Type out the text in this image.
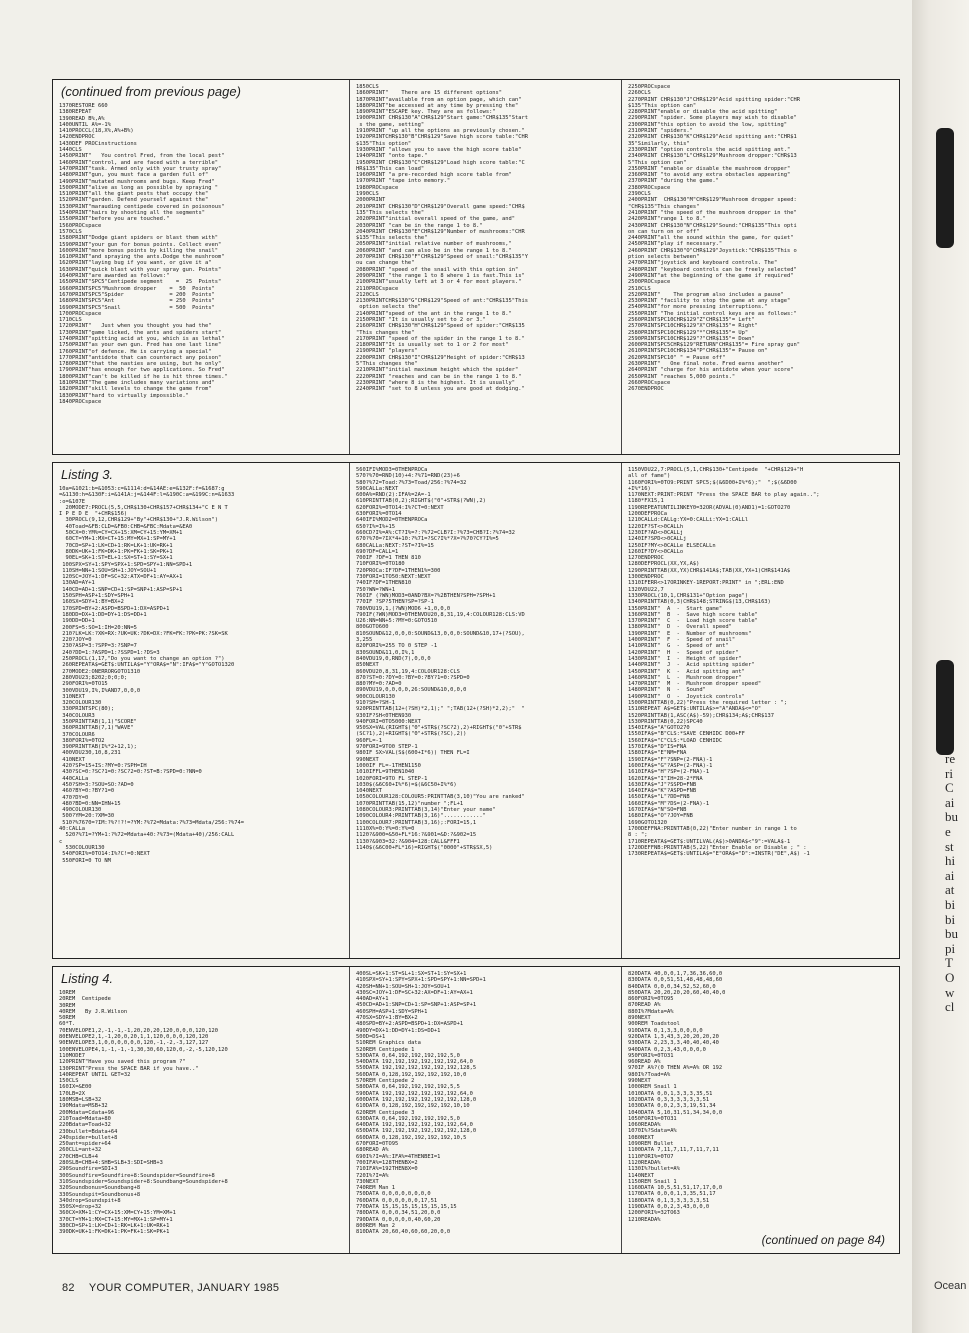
re
ri
C
ai
bu
e
st
hi
ai
at
bi
bi
bu
pi
T
O
w
cl
Ocean
(continued from previous page)
1370RESTORE 660
1380REPEAT
1390READ B%,A%
1400UNTIL A%=-1%
1410PROCCL(18,X%,A%+B%)
1420ENDPROC
1430DEF PROCinstructions
1440CLS
1450PRINT"   You control Fred, from the local pest"
1460PRINT"control, and are faced with a terrible"
1470PRINT"task. Armed only with your trusty spray"
1480PRINT"gun, you must face a garden full of"
1490PRINT"mutated mushrooms and bugs. Keep Fred"
1500PRINT"alive as long as possible by spraying "
1510PRINT"all the giant pests that occupy the"
1520PRINT"garden. Defend yourself against the"
1530PRINT"marauding centipede covered in poisonous"
1540PRINT"hairs by shooting all the segments"
1550PRINT"before you are touched."
1560PROCspace
1570CLS
1580PRINT"Dodge giant spiders or blast them with"
1590PRINT"your gun for bonus points. Collect even"
1600PRINT"more bonus points by killing the snail"
1610PRINT"and spraying the ants.Dodge the mushroom"
1620PRINT"laying bug if you want, or give it a"
1630PRINT"quick blast with your spray gun. Points"
1640PRINT"are awarded as follows:"
1650PRINT"SPC5"Centipede segment    =  25  Points"
1660PRINTSPC5"Mushroom dropper    =  50  Points"
1670PRINTSPC5"Spider              = 200  Points"
1680PRINTSPC5"Ant                 = 250  Points"
1690PRINTSPC5"Snail               = 500  Points"
1700PROCspace
1710CLS
1720PRINT"   Just when you thought you had the"
1730PRINT"game licked, the ants and spiders start"
1740PRINT"spitting acid at you, which is as lethal"
1750PRINT"as your own gun. Fred has one last line"
1760PRINT"of defence. He is carrying a special"
1770PRINT"antidote that can counteract any poison"
1780PRINT"that the nasties are using, but he only"
1790PRINT"has enough for two applications. So Fred"
1800PRINT"can't be killed if he is hit three times."
1810PRINT"The game includes many variations and"
1820PRINT"skill levels to change the game from"
1830PRINT"hard to virtually impossible."
1840PROCspace
1850CLS
1860PRINT"    There are 15 different options"
1870PRINT"available from an option page, which can"
1880PRINT"be accessed at any time by pressing the"
1890PRINT"ESCAPE key. They are as follows:"
1900PRINT CHR$130"A"CHR$129"Start game:"CHR$135"Start
s the game, setting"
1910PRINT "up all the options as previously chosen."
1920PRINTCHR$130"B"CHR$129"Save high score table:"CHR
$135"This option"
1930PRINT "allows you to save the high score table"
1940PRINT "onto tape."
1950PRINT CHR$130"C"CHR$129"Load high score table:"C
HR$135"This can load"
1960PRINT "a pre-recorded high score table from"
1970PRINT "tape into memory."
1980PROCspace
1990CLS
2000PRINT
2010PRINT CHR$130"D"CHR$129"Overall game speed:"CHR$
135"This selects the"
2020PRINT"initial overall speed of the game, and"
2030PRINT "can be in the range 1 to 8."
2040PRINT CHR$130"E"CHR$129"Number of mushrooms:"CHR
$135"This selects the"
2050PRINT"initial relative number of mushrooms,"
2060PRINT "and can also be in the range 1 to 8."
2070PRINT CHR$130"F"CHR$129"Speed of snail:"CHR$135"Y
ou can change the"
2080PRINT "speed of the snail with this option in"
2090PRINT "the range 1 to 8 where 1 is fast.This is"
2100PRINT"usually left at 3 or 4 for most players."
2110PROCspace
2120CLS
2130PRINTCHR$130"G"CHR$129"Speed of ant:"CHR$135"This
option selects the"
2140PRINT"speed of the ant in the range 1 to 8."
2150PRINT "It is usually set to 2 or 3."
2160PRINT CHR$130"H"CHR$129"Speed of spider:"CHR$135
"This changes the"
2170PRINT "speed of the spider in the range 1 to 8."
2180PRINT"It is usually set to 1 or 2 for most"
2190PRINT "players"
2200PRINT CHR$130"I"CHR$129"Height of spider:"CHR$13
5"This changes the"
2210PRINT"initial maximum height which the spider"
2220PRINT "reaches and can be in the range 1 to 8."
2230PRINT "where 8 is the highest. It is usually"
2240PRINT "set to 8 unless you are good at dodging."
2250PROCspace
2260CLS
2270PRINT CHR$130"J"CHR$129"Acid spitting spider:"CHR
$135"This option can"
2280PRINT"enable or disable the acid spitting"
2290PRINT "spider. Some players may wish to disable"
2300PRINT"this option to avoid the low, spitting"
2310PRINT "spiders."
2320PRINT CHR$130"K"CHR$129"Acid spitting ant:"CHR$1
35"Similarly, this"
2330PRINT "option controls the acid spitting ant."
2340PRINT CHR$130"L"CHR$129"Mushroom dropper:"CHR$13
5"This option can"
2350PRINT "enable or disable the mushroom dropper"
2360PRINT "to avoid any extra obstacles appearing"
2370PRINT "during the game."
2380PROCspace
2390CLS
2400PRINT  CHR$130"M"CHR$129"Mushroom dropper speed:
"CHR$135"This changes"
2410PRINT "the speed of the mushroom dropper in the"
2420PRINT"range 1 to 8."
2430PRINT CHR$130"N"CHR$129"Sound:"CHR$135"This opti
on can turn on or off"
2440PRINT"all the sound within the game, for quiet"
2450PRINT"play if necessary."
2460PRINT CHR$130"O"CHR$129"Joystick:"CHR$135"This o
ption selects between"
2470PRINT"joystick and keyboard controls. The"
2480PRINT "keyboard controls can be freely selected"
2490PRINT"at the beginning of the game if required"
2500PROCspace
2510CLS
2520PRINT"    The program also includes a pause"
2530PRINT "facility to stop the game at any stage"
2540PRINT"for more pressing interruptions."
2550PRINT "The initial control keys are as follows:"
2560PRINTSPC10CHR$129"Z"CHR$135"= Left"
2570PRINTSPC10CHR$129"X"CHR$135"= Right"
2580PRINTSPC10CHR$129"*"CHR$135"= Up"
2590PRINTSPC10CHR$129"?"CHR$135"= Down"
2600PRINTSPC5CHR$129"RETURN"CHR$135"= Fire spray gun"
2610PRINTSPC10CHR$134"P"CHR$135"= Pause on"
2620PRINTSPC10" " = Pause off"
2630PRINT"   One final note. Fred earns another"
2640PRINT "charge for his antidote when your score"
2650PRINT "reaches 5,000 points."
2660PROCspace
2670ENDPROC
Listing 3.
10a=&1021:b=&1053:c=&1114:d=&14AE:e=&132F:f=&1687:g
=&1130:h=&130F:i=&141A:j=&144F:l=&190C:a=&199C:n=&1633
:o=&107E
20MODE7:PROCL(5,5,CHR$130+CHR$157+CHR$134+"C E N T
I P E D E  "+CHR$156)
30PROCL(9,12,CHR$129+"By"+CHR$130+"J.R.Wilson")
40Toad=&FB:CLD=&FB0:CHB=&FBC:Mdata=&EA0
50CX=0:YM%=CY=CX+15:XM=CY+15:YM=XM+1
60CT=YM+1:MX=CT+15:MY=MX+1:SP=MY+1
70CD=SP+1:LK=CD+1:RK=LK+1:UK=RK+1
80DK=UK+1:FK=DK+1:PK=FK+1:SK=PK+1
90EL=SK+1:ST=EL+1:SX=ST+1:SY=SX+1
100SPX=SY+1:SPY=SPX+1:SPD=SPY+1:NN=SPD+1
110SH=NN+1:SOU=SH+1:JOY=SOU+1
120SC=JOY+1:DF=SC+32:ATX=DF+1:AY=AX+1
130AD=AY+1
140CD=AD+1:SNP=CD+1:SP=SNP+1:ASP=SP+1
150SPH=ASP+1:SDY=SPH+1
160SX=SDY+1:BY=BX+2
170SPD=BY+2:ASPD=BSPD+1:DX=ASPD+1
180DD=DX+1:DD=DY+1:DS=DD+1
190DD=DD+1
200FS=5:SO=1:IH=20:NN=5
210?LK=LK:?XK=RX:?UK=UK:?DK=DX:?FK=FK:?PK=PK:?SK=SK
220?JOY=0
230?ASP=3:?SPP=3:?SNP=7
240?DD=1:?ASPD=1:?SSPD=1:?DS=3
250PROCL(1,17,"Do you want to change an option ?")
260REPEATA$=GET$:UNTILA$="Y"ORA$="N":IFA$="Y"GOTO1320
270MODE2:ONERRORGOTO1310
280VDU23;8202;0;0;0;
290FORI%=0TO15
300VDU19,I%,I%AND7,0,0,0
310NEXT
320COLOUR130
330PRINTSPC(80);
340COLOUR3
350PRINTTAB(1,1)"SCORE"
360PRINTTAB(7,1)"WAVE"
370COLOUR6
380FORI%=0TO2
390PRINTTAB(I%*2+12,1);
400VDU230,10,8,231
410NEXT
420?SP=15+IS:?MY=0:?SPH=IH
430?SC=0:?SC?1=0:?SC?2=0:?ST=B:?SPD=0:?NN=0
440CALLa
450?SH=3:?SOU=SO:?AD=0
460?BY=0:?BY?1=0
470?DY=0
480?BD=0:NN=IHN+15
490COLOUR130
500?YM=20:?XM=30
510?%7670=?IM:?%?!?!=?YM:?%72=Mdata:?%73=Mdata/256:?%74=
40:CALLa
520?%71=?YM+1:?%72=Mdata+40:?%73=(Mdata+40)/256:CALL
c
530COLOUR130
540FORI%=0TO14:I%?C!=0:NEXT
550FORI=0 TO NM
560IFI%MOD3=0THENPROCa
570?%70=RND(10)+4:?%71=RND(23)+6
580?%72=Toad:?%73=Toad/256:?%74=32
590CALLa:NEXT
600A%=RND(2):IFA%=2A=-1
610PRINTTAB(0,2);RIGHT$("0"+STR$(?WN),2)
620FORI%=0TO14:I%?CT=0:NEXT
630FORI%=0TO14
640IFI%MOD2=0THENPROCa
650?I%=I%+15
660CD?I%=A%:CT?I%=?:?%72=CLB?I:?%73=CHB?I:?%74=32
670?%70=?IX*4+10:?%71=?SC?I%*?X=?%70?CY?I%=5
680CALLa:NEXT:?ST=?I%=15
690?DF=CALL=1
700IF ?DF=1 THEN 810
710FORI%=0TO180
720PROCa:IF?DF=1THEN1%=300
730FORI=1TO50:NEXT:NEXT
740IF?DF=1THEN810
750?WN=?WN+1
760IF (?WN)MOD3=0AND?BX=?%2BTHEN?SPH=?SPH+1
770IF ?SP?5THEN?SP=?SP-1
780VDU19,1,(?WN)MOD6 +1,0,0,0
790IF(?WN)MOD3=0THENVDU20,8,31,19,4:COLOUR128:CLS:VD
U26:NN=NN+5:?MY=0:GOTO510
800GOTO600
810SOUND&12,0,0,0:SOUND&13,0,0,0:SOUND&10,17+(?SOU),
3,255
820FORI%=255 TO 0 STEP -1
830SOUND&11,0,I%,1
840VDU19,0,RND(7),0,0,0
850NEXT
860VDU20,8,31,19,4:COLOUR128:CLS
870?ST=0:?DY=0:?BY=0:?BY?1=0:?SPD=0
880?MY=0:?AD=0
890VDU19,0,0,0,0,26:SOUND&10,0,0,0
900COLOUR130
910?SH=?SH-1
920PRINTTAB(12+(?SH)*2,1);" ";TAB(12+(?SH)*2,2);"  "
930IF?SH<0THEN930
940FORI=0TO5000:NEXT
950SX=VAL(RIGHT$("0"+STR$(?SC?2),2)+RIGHT$("0"+STR$
(SC?1),2)+RIGHT$("0"+STR$(?SC),2))
960FL=-1
970FORI=9TO0 STEP-1
980IF SX>VAL(S$(600+I*6)) THEN FL=I
990NEXT
1000IF FL=-1THEN1150
1010IFFL=9THEN1040
1020FORI=9TO FL STEP-1
1030$(&6C60+I%*6)=$(&6C50+I%*6)
1040NEXT
1050COLOUR128:COLOUR5:PRINTTAB(3,10)"You are ranked"
1070PRINTTAB(15,12)"number ";FL+1
1080COLOUR3:PRINTTAB(3,14)"Enter your name"
1090COLOUR4:PRINTTAB(3,16)"............"
1100COLOUR7:PRINTTAB(3,16);:FORI=15,1
1110X%=0:Y%=0:Y%=0
1120?&900=&50+FL*16:?&901=&D:?&902=15
1130?&903=32:?&904=128:CALL&FFF1
1140$(&6C00+FL*16)=RIGHT$("0000"+STR$SX,5)
1150VDU22,7:PROCL(5,1,CHR$130+"Centipede  "+CHR$129+"H
all of fame")
1160FORI%=0TO9:PRINT SPC5;$(&6D00+I%*6);"  ";$(&6D00
+I%*16)
1170NEXT:PRINT:PRINT "Press the SPACE BAR to play again..";
1180*FX15,1
1190REPEATUNTILINKEY0=32OR(ADVAL(0)AND1)=1:GOTO270
1200DEFPROCa
1210CALLd:CALLg:YX=0:CALLi:YX=1:CALLl
1220IF?ST<>0CALLh
1230IF?AD<>0CALLj
1240IF?SPD<>0CALLj
1250IF?MY<>0CALLe ELSECALLn
1260IF?DY<>0CALLo
1270ENDPROC
1280DEFPROCL(XX,YX,A$)
1290PRINTTAB(XX,YX)CHR$141A$;TAB(XX,YX+1)CHR$141A$
1300ENDPROC
1310IFERR<>17ORINKEY-1REPORT:PRINT" in ";ERL:END
1320VDU22,7
1330PROCL(10,1,CHR$131+"Option page")
1340PRINTTAB(0,3)CHR$148;STRING$(13,CHR$163)
1350PRINT"  A  -  Start game"
1360PRINT"  B  -  Save high score table"
1370PRINT"  C  -  Load high score table"
1380PRINT"  D  -  Overall speed"
1390PRINT"  E  -  Number of mushrooms"
1400PRINT"  F  -  Speed of snail"
1410PRINT"  G  -  Speed of ant"
1420PRINT"  H  -  Speed of spider"
1430PRINT"  I  -  Height of spider"
1440PRINT"  J  -  Acid spitting spider"
1450PRINT"  K  -  Acid spitting ant"
1460PRINT"  L  -  Mushroom dropper"
1470PRINT"  M  -  Mushroom dropper speed"
1480PRINT"  N  -  Sound"
1490PRINT"  O  -  Joystick controls"
1500PRINTTAB(0,22)"Press the required letter : ";
1510REPEAT A$=GET$:UNTILA$>="A"ANDA$<="O"
1520PRINTTAB(1,ASC(A$)-59);CHR$134;A$;CHR$137
1530PRINTTAB(0,22)SPC40
1540IFA$="A"GOTO270
1550IFA$="B"CLS:*SAVE CENHIDC D00+FF
1560IFA$="C"CLS:*LOAD CENHIDC
1570IFA$="D"IS=FNA
1580IFA$="E"NM=FNA
1590IFA$="F"?SNP=(2-FNA)-1
1600IFA$="G"?ASP=(2-FNA)-1
1610IFA$="H"?SP=(2-FNA)-1
1620IFA$="I"IH=28-2*FNA
1630IFA$="J"?SSPD=FNB
1640IFA$="K"?ASPD=FNB
1650IFA$="L"?DD=FNB
1660IFA$="M"?DS=(2-FNA)-1
1670IFA$="N"SO=FNB
1680IFA$="O"?JOY=FNB
1690GOTO1320
1700DEFFNA:PRINTTAB(0,22)"Enter number in range 1 to
8 : ";
1710REPEATA$=GET$:UNTILVAL(A$)>0ANDA$<"9":=VALA$-1
1720DEFFNB:PRINTTAB(5,22)"Enter Enable or Disable ; " :
1730REPEATA$=GET$:UNTILA$="E"ORA$="D":=INSTR("DE",A$) -1
Listing 4.
10REM
20REM  Centipede
30REM
40REM   By J.R.Wilson
50REM
60*T.
70ENVELOPE1,2,-1,-1,-1,20,20,20,120,0,0,0,120,120
80ENVELOPE2,1,-1,20,0,20,1,1,120,0,0,0,120,120
90ENVELOPE3,1,0,0,0,0,0,0,120,-1,-2,-3,127,127
100ENVELOPE4,1,-1,-1,-1,30,30,60,120,0,-2,-5,120,120
110MODE7
120PRINT"Have you saved this program ?"
130PRINT"Press the SPACE BAR if you have.."
140REPEAT UNTIL GET=32
150CLS
160IX=&E00
170LB=2X
180MSB=LSB+32
190Mdata=MSB+32
200Mdata=Cdata+96
210Toad=Mdata+80
220Bdata=Toad+32
230bullet=Bdata+64
240spider=bullet+8
250ant=spider+64
260CLL=ant+32
270CHB=CLB+4
280SLB=CHB+4:SHB=SLB+3:SDI=SHB+3
290Soundfire=SDI+3
300Soundfire=Soundfire+8:Soundspider=Soundfire+8
310Soundspider=Soundspider+8:Soundbang=Soundspider+8
320Soundbonus=Soundbang+8
330Soundspit=Soundbonus+8
340drop=Soundspit+8
350SX=drop+32
360CX=XM+1:CY=CX+15:XM=CY+15:YM=XM+1
370CT=YM+1:MX=CT+15:MY=MX+1:SP=MY+1
380CD=SP+1:LK=CD+1:RK=LK+1:UK=RK+1
390DK=UK+1:FK=DK+1:PK=FK+1:SK=PK+1
400SL=SK+1:ST=SL+1:SX=ST+1:SY=SX+1
410SPX=SY+1:SPY=SPX+1:SPD=SPY+1:NN=SPD+1
420SH=NN+1:SOU=SH+1:JOY=SOU+1
430SC=JOY+1:DF=SC+32:AX=DF+1:AY=AX+1
440AD=AY+1
450CD=AD+1:SNP=CD+1:SP=SNP+1:ASP=SP+1
460SPH=ASP+1:SDY=SPH+1
470SX=SDY+1:BY=BX+2
480SPD=BY+2:ASPD=BSPD+1:DX=ASPD+1
490DY=DX+1:DD=DY+1:DS=DD+1
500D=DS+1
510REM Graphics data
520REM Centipede 1
530DATA 0,64,192,192,192,192,5,0
540DATA 192,192,192,192,192,192,64,0
550DATA 192,192,192,192,192,192,128,5
560DATA 0,128,192,192,192,192,10,0
570REM Centipede 2
580DATA 0,64,192,192,192,192,5,5
590DATA 192,192,192,192,192,192,64,0
600DATA 192,192,192,192,192,192,128,0
610DATA 0,128,192,192,192,192,10,10
620REM Centipede 3
630DATA 0,64,192,192,192,192,5,0
640DATA 192,192,192,192,192,192,64,0
650DATA 192,192,192,192,192,192,128,0
660DATA 0,128,192,192,192,192,10,5
670FORI=0TO95
680READ A%
690I%?I=A%:IFA%=4THENBEI=1
700IFA%=128THENBX=2
710IFA%=192THEN8X=0
720I%?I=A%
730NEXT
740REM Man 1
750DATA 0,0,0,0,0,0,0,0
760DATA 0,0,0,0,0,0,17,51
770DATA 15,15,15,15,15,15,15,15
780DATA 0,0,0,34,51,20,0,0
790DATA 0,0,0,0,0,40,60,20
800REM Man 2
810DATA 20,60,40,60,60,20,0,0
820DATA 40,0,0,1,7,36,36,60,0
830DATA 0,0,51,51,48,48,48,60
840DATA 0,0,0,34,52,52,60,0
850DATA 20,20,20,20,60,40,40,0
860FORI%=0TO95
870READ A%
880I%?Mdata=A%
890NEXT
900REM Toadstool
910DATA 0,1,3,3,0,0,0,0
920DATA 1,3,43,3,20,20,20,20
930DATA 2,23,3,3,40,40,40,40
940DATA 0,2,3,43,0,0,0,0
950FORI%=0TO31
960READ A%
970IF A%?(0 THEN A%=A% OR 192
980I%?Toad=A%
990NEXT
1000REM Snail 1
1010DATA 0,0,1,3,3,3,35,51
1020DATA 0,3,3,3,3,3,3,51
1030DATA 0,0,2,3,3,19,51,34
1040DATA 5,10,31,51,34,34,0,0
1050FORI%=0TO31
1060READA%
1070I%?Sdata=A%
1080NEXT
1090REM Bullet
1100DATA 7,11,7,11,7,11,7,11
1110FORI%=0TO7
1120READA%
1130I%?bullet=A%
1140NEXT
1150REM Snail 1
1160DATA 10,5,51,51,17,17,0,0
1170DATA 0,0,0,1,3,35,51,17
1180DATA 0,1,3,3,3,3,3,51
1190DATA 0,0,2,3,43,0,0,0
1200FORI%=32TO63
1210READA%
(continued on page 84)
82 YOUR COMPUTER, JANUARY 1985
